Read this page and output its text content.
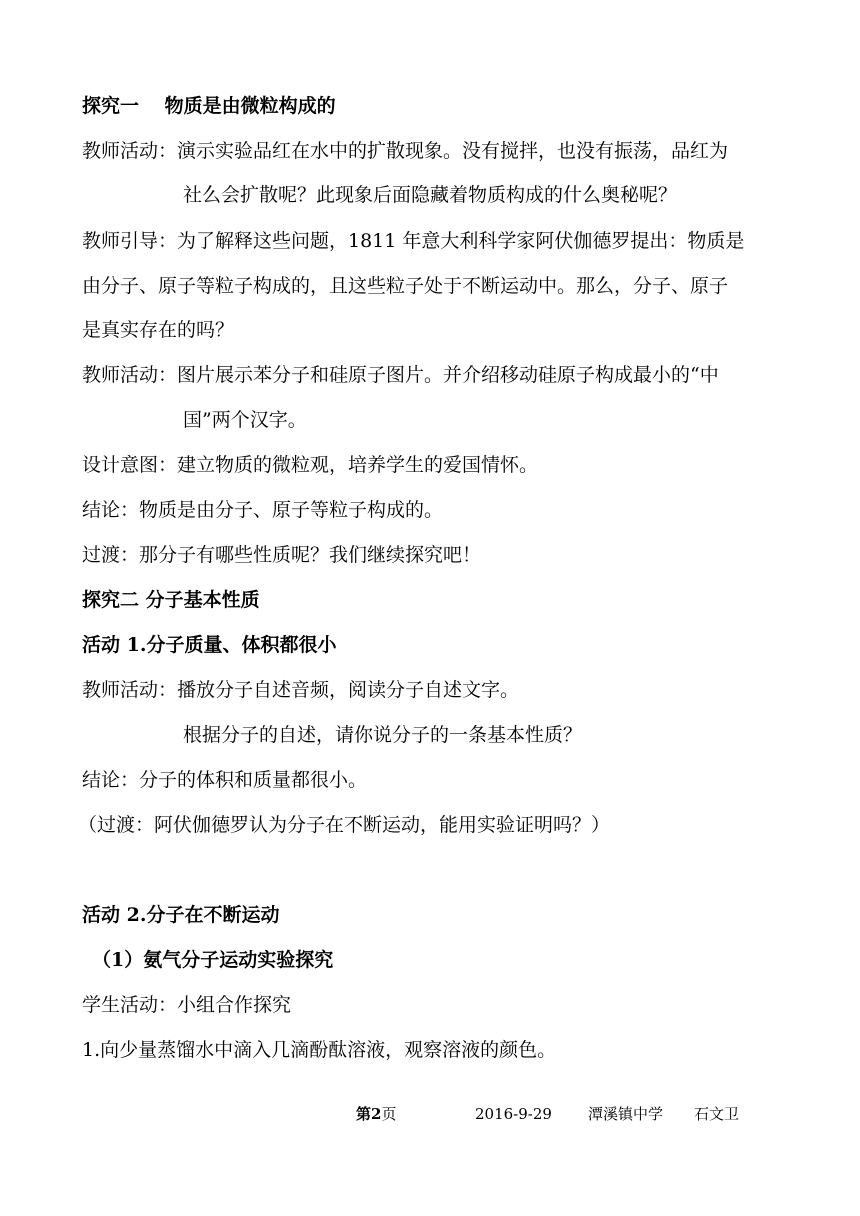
探究一　 物质是由微粒构成的
教师活动：演示实验品红在水中的扩散现象。没有搅拌，也没有振荡，品红为
社么会扩散呢？此现象后面隐藏着物质构成的什么奥秘呢？
教师引导：为了解释这些问题，1811 年意大利科学家阿伏伽德罗提出：物质是
由分子、原子等粒子构成的，且这些粒子处于不断运动中。那么，分子、原子
是真实存在的吗？
教师活动：图片展示苯分子和硅原子图片。并介绍移动硅原子构成最小的“中
国”两个汉字。
设计意图：建立物质的微粒观，培养学生的爱国情怀。
结论：物质是由分子、原子等粒子构成的。
过渡：那分子有哪些性质呢？我们继续探究吧！
探究二 分子基本性质
活动 1.分子质量、体积都很小
教师活动：播放分子自述音频，阅读分子自述文字。
根据分子的自述，请你说分子的一条基本性质？
结论：分子的体积和质量都很小。
（过渡：阿伏伽德罗认为分子在不断运动，能用实验证明吗？）
活动 2.分子在不断运动
（1）氨气分子运动实验探究
学生活动：小组合作探究
1.向少量蒸馏水中滴入几滴酚酞溶液，观察溶液的颜色。
第2页	2016-9-29 潭溪镇中学 石文卫
